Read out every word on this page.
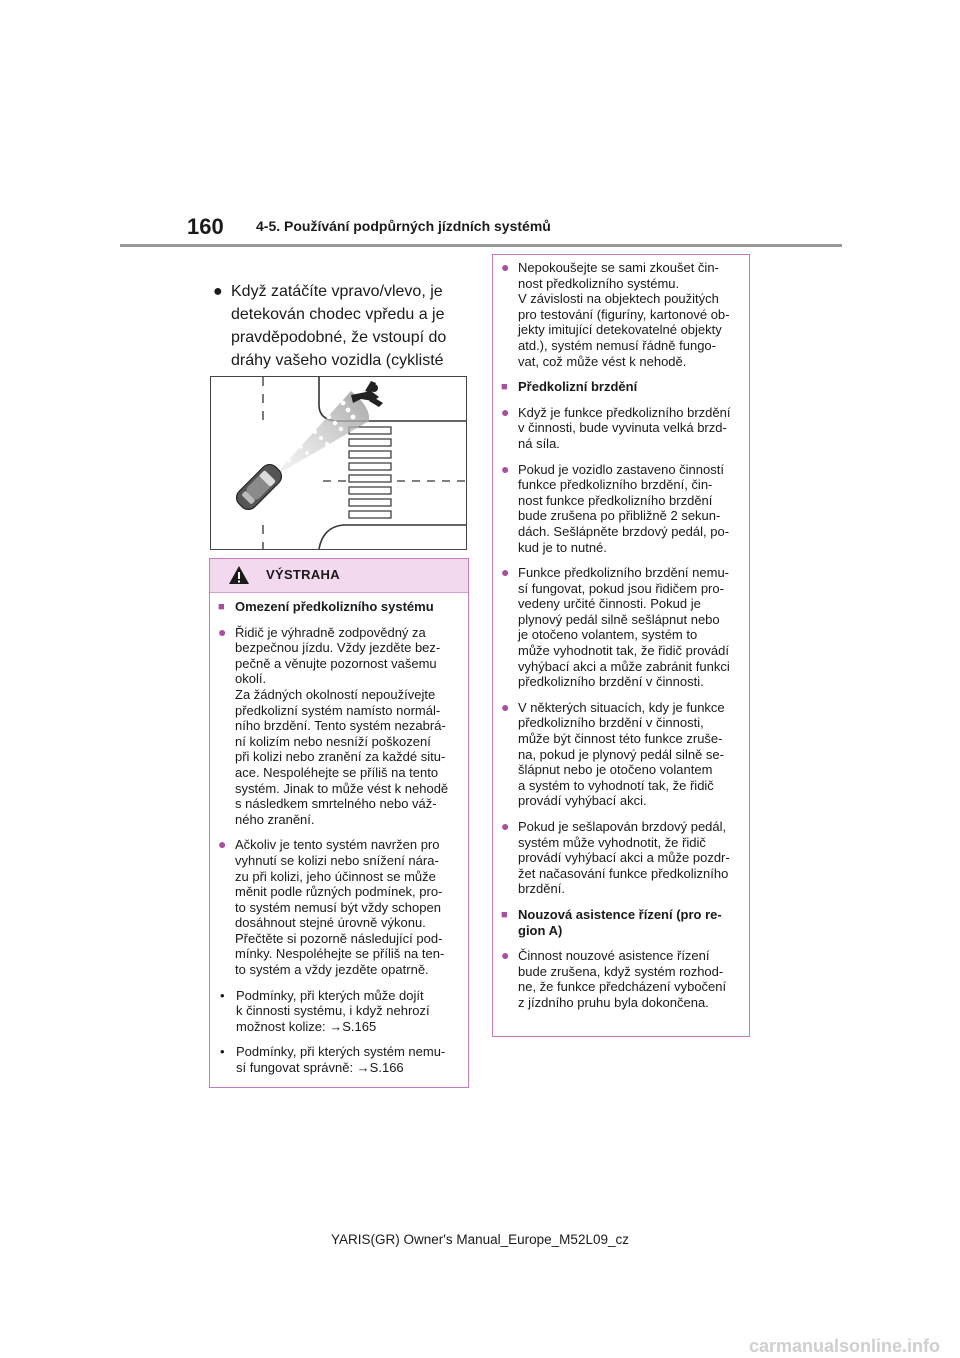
160 4-5. Používání podpůrných jízdních systémů
● Když zatáčíte vpravo/vlevo, je detekován chodec vpředu a je pravděpodobné, že vstoupí do dráhy vašeho vozidla (cyklisté
VÝSTRAHA
■ Omezení předkolizního systému
● Řidič je výhradně zodpovědný za
bezpečnou jízdu. Vždy jezděte bez-
pečně a věnujte pozornost vašemu
okolí.
Za žádných okolností nepoužívejte
předkolizní systém namísto normál-
ního brzdění. Tento systém nezabrá-
ní kolizím nebo nesníží poškození
při kolizi nebo zranění za každé situ-
ace. Nespoléhejte se příliš na tento
systém. Jinak to může vést k nehodě
s následkem smrtelného nebo váž-
ného zranění.
● Ačkoliv je tento systém navržen pro
vyhnutí se kolizi nebo snížení nára-
zu při kolizi, jeho účinnost se může
měnit podle různých podmínek, pro-
to systém nemusí být vždy schopen
dosáhnout stejné úrovně výkonu.
Přečtěte si pozorně následující pod-
mínky. Nespoléhejte se příliš na ten-
to systém a vždy jezděte opatrně.
• Podmínky, při kterých může dojít
k činnosti systému, i když nehrozí
možnost kolize: →S.165
• Podmínky, při kterých systém nemu-
sí fungovat správně: →S.166
● Nepokoušejte se sami zkoušet čin-
nost předkolizního systému.
V závislosti na objektech použitých
pro testování (figuríny, kartonové ob-
jekty imitující detekovatelné objekty
atd.), systém nemusí řádně fungo-
vat, což může vést k nehodě.
■ Předkolizní brzdění
● Když je funkce předkolizního brzdění
v činnosti, bude vyvinuta velká brzd-
ná síla.
● Pokud je vozidlo zastaveno činností
funkce předkolizního brzdění, čin-
nost funkce předkolizního brzdění
bude zrušena po přibližně 2 sekun-
dách. Sešlápněte brzdový pedál, po-
kud je to nutné.
● Funkce předkolizního brzdění nemu-
sí fungovat, pokud jsou řidičem pro-
vedeny určité činnosti. Pokud je
plynový pedál silně sešlápnut nebo
je otočeno volantem, systém to
může vyhodnotit tak, že řidič provádí
vyhýbací akci a může zabránit funkci
předkolizního brzdění v činnosti.
● V některých situacích, kdy je funkce
předkolizního brzdění v činnosti,
může být činnost této funkce zruše-
na, pokud je plynový pedál silně se-
šlápnut nebo je otočeno volantem
a systém to vyhodnotí tak, že řidič
provádí vyhýbací akci.
● Pokud je sešlapován brzdový pedál,
systém může vyhodnotit, že řidič
provádí vyhýbací akci a může pozdr-
žet načasování funkce předkolizního
brzdění.
■ Nouzová asistence řízení (pro re-
gion A)
● Činnost nouzové asistence řízení
bude zrušena, když systém rozhod-
ne, že funkce předcházení vybočení
z jízdního pruhu byla dokončena.
YARIS(GR) Owner's Manual_Europe_M52L09_cz
carmanualsonline.info
